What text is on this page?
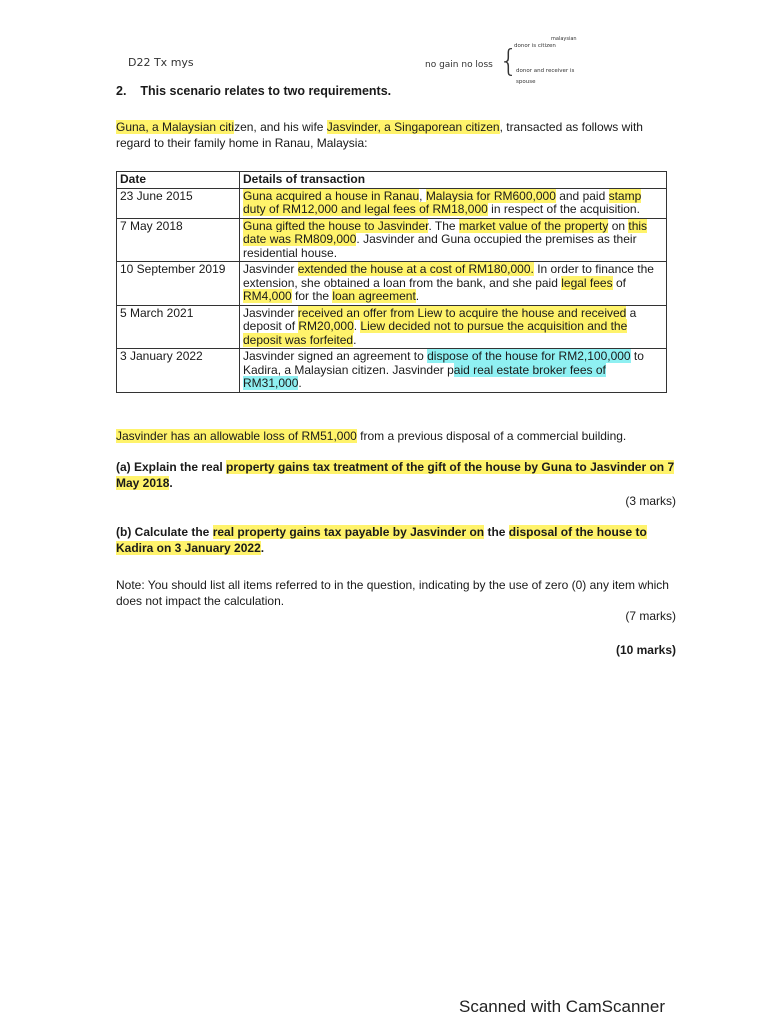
D22 Tx mys	no gain no loss {
malaysian
donor is citizen
donor and receiver is
spouse
2. This scenario relates to two requirements.
Guna, a Malaysian citizen, and his wife Jasvinder, a Singaporean citizen, transacted as follows with regard to their family home in Ranau, Malaysia:
Date	Details of transaction
23 June 2015	Guna acquired a house in Ranau, Malaysia for RM600,000 and paid stamp duty of RM12,000 and legal fees of RM18,000 in respect of the acquisition.
7 May 2018	Guna gifted the house to Jasvinder. The market value of the property on this date was RM809,000. Jasvinder and Guna occupied the premises as their residential house.
10 September 2019	Jasvinder extended the house at a cost of RM180,000. In order to finance the extension, she obtained a loan from the bank, and she paid legal fees of RM4,000 for the loan agreement.
5 March 2021	Jasvinder received an offer from Liew to acquire the house and received a deposit of RM20,000. Liew decided not to pursue the acquisition and the deposit was forfeited.
3 January 2022	Jasvinder signed an agreement to dispose of the house for RM2,100,000 to Kadira, a Malaysian citizen. Jasvinder paid real estate broker fees of RM31,000.
Jasvinder has an allowable loss of RM51,000 from a previous disposal of a commercial building.
(a) Explain the real property gains tax treatment of the gift of the house by Guna to Jasvinder on 7 May 2018.
(3 marks)
(b) Calculate the real property gains tax payable by Jasvinder on the disposal of the house to Kadira on 3 January 2022.
Note: You should list all items referred to in the question, indicating by the use of zero (0) any item which does not impact the calculation.
(7 marks)
(10 marks)
Scanned with CamScanner
